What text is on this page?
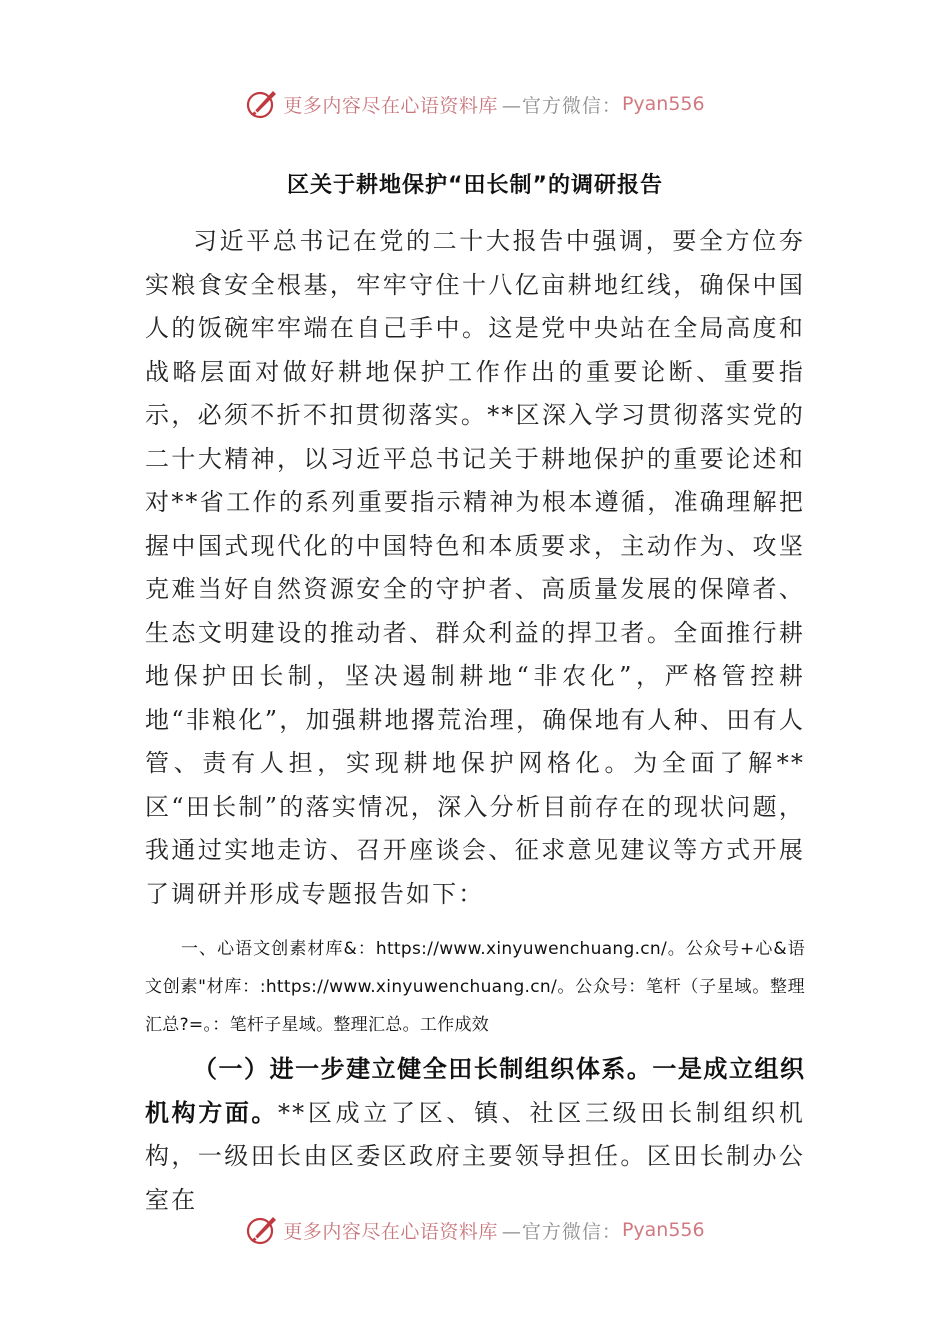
更多内容尽在心语资料库 —官方微信： Pyan556
区关于耕地保护“田长制”的调研报告
习近平总书记在党的二十大报告中强调，要全方位夯实粮食安全根基，牢牢守住十八亿亩耕地红线，确保中国人的饭碗牢牢端在自己手中。这是党中央站在全局高度和战略层面对做好耕地保护工作作出的重要论断、重要指示，必须不折不扣贯彻落实。**区深入学习贯彻落实党的二十大精神，以习近平总书记关于耕地保护的重要论述和对**省工作的系列重要指示精神为根本遵循，准确理解把握中国式现代化的中国特色和本质要求，主动作为、攻坚克难当好自然资源安全的守护者、高质量发展的保障者、生态文明建设的推动者、群众利益的捍卫者。全面推行耕地保护田长制，坚决遏制耕地“非农化”，严格管控耕地“非粮化”，加强耕地撂荒治理，确保地有人种、田有人管、责有人担，实现耕地保护网格化。为全面了解**区“田长制”的落实情况，深入分析目前存在的现状问题，我通过实地走访、召开座谈会、征求意见建议等方式开展了调研并形成专题报告如下：
一、心语文创素材库&：https://www.xinyuwenchuang.cn/。公众号+心&语文创素"材库：:https://www.xinyuwenchuang.cn/。公众号：笔杆（子星域。整理汇总?=。：笔杆子星域。整理汇总。工作成效
（一）进一步建立健全田长制组织体系。一是成立组织机构方面。**区成立了区、镇、社区三级田长制组织机构，一级田长由区委区政府主要领导担任。区田长制办公室在
更多内容尽在心语资料库 —官方微信： Pyan556
